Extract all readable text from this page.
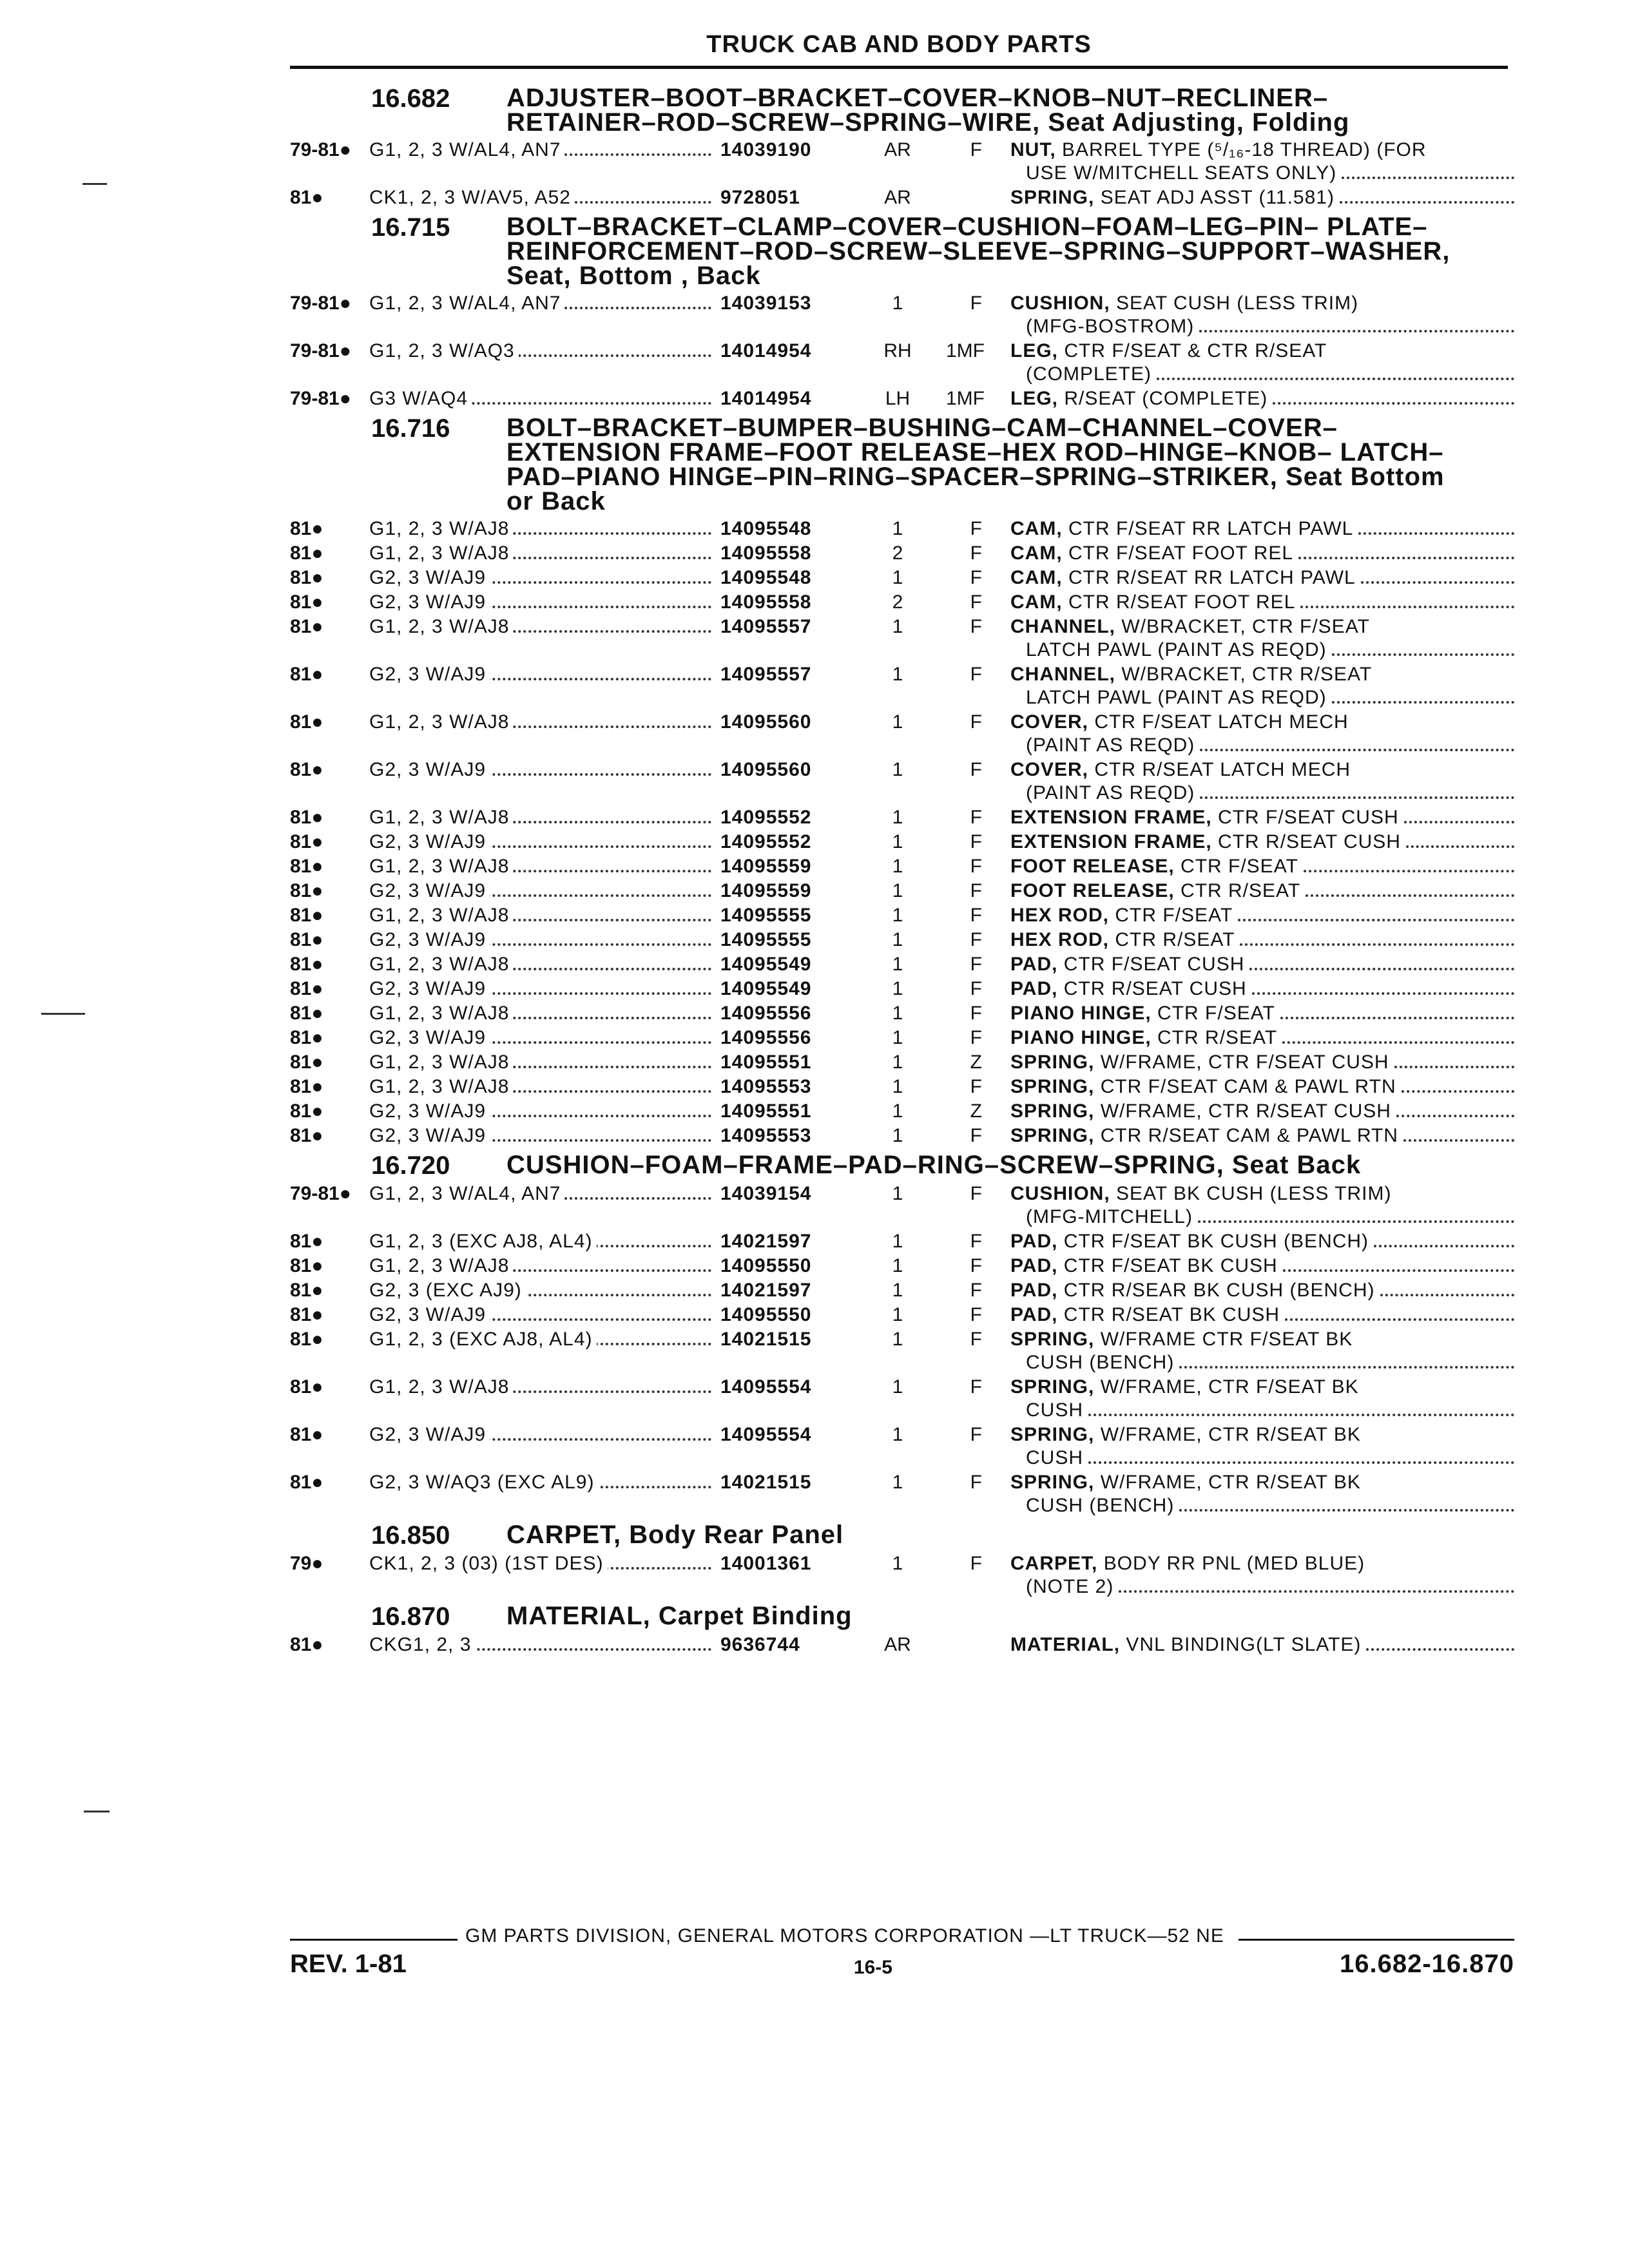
TRUCK CAB AND BODY PARTS
16.682	ADJUSTER–BOOT–BRACKET–COVER–KNOB–NUT–RECLINER–
RETAINER–ROD–SCREW–SPRING–WIRE, Seat Adjusting, Folding
79-81● G1, 2, 3 W/AL4, AN7	14039190	AR	F	NUT, BARREL TYPE (⁵/₁₆-18 THREAD) (FOR
USE W/MITCHELL SEATS ONLY)
81●	CK1, 2, 3 W/AV5, A52	9728051	AR	SPRING, SEAT ADJ ASST (11.581)
16.715	BOLT–BRACKET–CLAMP–COVER–CUSHION–FOAM–LEG–PIN– PLATE–
REINFORCEMENT–ROD–SCREW–SLEEVE–SPRING–SUPPORT–WASHER,
Seat, Bottom , Back
79-81● G1, 2, 3 W/AL4, AN7	14039153	1	F	CUSHION, SEAT CUSH (LESS TRIM)
(MFG-BOSTROM)
79-81● G1, 2, 3 W/AQ3	14014954	RH	1MF	LEG, CTR F/SEAT & CTR R/SEAT
(COMPLETE)
79-81● G3 W/AQ4	14014954	LH	1MF	LEG, R/SEAT (COMPLETE)
16.716	BOLT–BRACKET–BUMPER–BUSHING–CAM–CHANNEL–COVER–
EXTENSION FRAME–FOOT RELEASE–HEX ROD–HINGE–KNOB– LATCH–
PAD–PIANO HINGE–PIN–RING–SPACER–SPRING–STRIKER, Seat Bottom
or Back
81●	G1, 2, 3 W/AJ8	14095548	1	F	CAM, CTR F/SEAT RR LATCH PAWL
81●	G1, 2, 3 W/AJ8	14095558	2	F	CAM, CTR F/SEAT FOOT REL
81●	G2, 3 W/AJ9	14095548	1	F	CAM, CTR R/SEAT RR LATCH PAWL
81●	G2, 3 W/AJ9	14095558	2	F	CAM, CTR R/SEAT FOOT REL
81●	G1, 2, 3 W/AJ8	14095557	1	F	CHANNEL, W/BRACKET, CTR F/SEAT
LATCH PAWL (PAINT AS REQD)
81●	G2, 3 W/AJ9	14095557	1	F	CHANNEL, W/BRACKET, CTR R/SEAT
LATCH PAWL (PAINT AS REQD)
81●	G1, 2, 3 W/AJ8	14095560	1	F	COVER, CTR F/SEAT LATCH MECH
(PAINT AS REQD)
81●	G2, 3 W/AJ9	14095560	1	F	COVER, CTR R/SEAT LATCH MECH
(PAINT AS REQD)
81●	G1, 2, 3 W/AJ8	14095552	1	F	EXTENSION FRAME, CTR F/SEAT CUSH
81●	G2, 3 W/AJ9	14095552	1	F	EXTENSION FRAME, CTR R/SEAT CUSH
81●	G1, 2, 3 W/AJ8	14095559	1	F	FOOT RELEASE, CTR F/SEAT
81●	G2, 3 W/AJ9	14095559	1	F	FOOT RELEASE, CTR R/SEAT
81●	G1, 2, 3 W/AJ8	14095555	1	F	HEX ROD, CTR F/SEAT
81●	G2, 3 W/AJ9	14095555	1	F	HEX ROD, CTR R/SEAT
81●	G1, 2, 3 W/AJ8	14095549	1	F	PAD, CTR F/SEAT CUSH
81●	G2, 3 W/AJ9	14095549	1	F	PAD, CTR R/SEAT CUSH
81●	G1, 2, 3 W/AJ8	14095556	1	F	PIANO HINGE, CTR F/SEAT
81●	G2, 3 W/AJ9	14095556	1	F	PIANO HINGE, CTR R/SEAT
81●	G1, 2, 3 W/AJ8	14095551	1	Z	SPRING, W/FRAME, CTR F/SEAT CUSH
81●	G1, 2, 3 W/AJ8	14095553	1	F	SPRING, CTR F/SEAT CAM & PAWL RTN
81●	G2, 3 W/AJ9	14095551	1	Z	SPRING, W/FRAME, CTR R/SEAT CUSH
81●	G2, 3 W/AJ9	14095553	1	F	SPRING, CTR R/SEAT CAM & PAWL RTN
16.720	CUSHION–FOAM–FRAME–PAD–RING–SCREW–SPRING, Seat Back
79-81● G1, 2, 3 W/AL4, AN7	14039154	1	F	CUSHION, SEAT BK CUSH (LESS TRIM)
(MFG-MITCHELL)
81●	G1, 2, 3 (EXC AJ8, AL4)	14021597	1	F	PAD, CTR F/SEAT BK CUSH (BENCH)
81●	G1, 2, 3 W/AJ8	14095550	1	F	PAD, CTR F/SEAT BK CUSH
81●	G2, 3 (EXC AJ9)	14021597	1	F	PAD, CTR R/SEAR BK CUSH (BENCH)
81●	G2, 3 W/AJ9	14095550	1	F	PAD, CTR R/SEAT BK CUSH
81●	G1, 2, 3 (EXC AJ8, AL4)	14021515	1	F	SPRING, W/FRAME CTR F/SEAT BK
CUSH (BENCH)
81●	G1, 2, 3 W/AJ8	14095554	1	F	SPRING, W/FRAME, CTR F/SEAT BK
CUSH
81●	G2, 3 W/AJ9	14095554	1	F	SPRING, W/FRAME, CTR R/SEAT BK
CUSH
81●	G2, 3 W/AQ3 (EXC AL9)	14021515	1	F	SPRING, W/FRAME, CTR R/SEAT BK
CUSH (BENCH)
16.850	CARPET, Body Rear Panel
79●	CK1, 2, 3 (03) (1ST DES)	14001361	1	F	CARPET, BODY RR PNL (MED BLUE)
(NOTE 2)
16.870	MATERIAL, Carpet Binding
81●	CKG1, 2, 3	9636744	AR	MATERIAL, VNL BINDING(LT SLATE)
GM PARTS DIVISION, GENERAL MOTORS CORPORATION —LT TRUCK—52 NE
REV. 1-81	16-5	16.682-16.870
